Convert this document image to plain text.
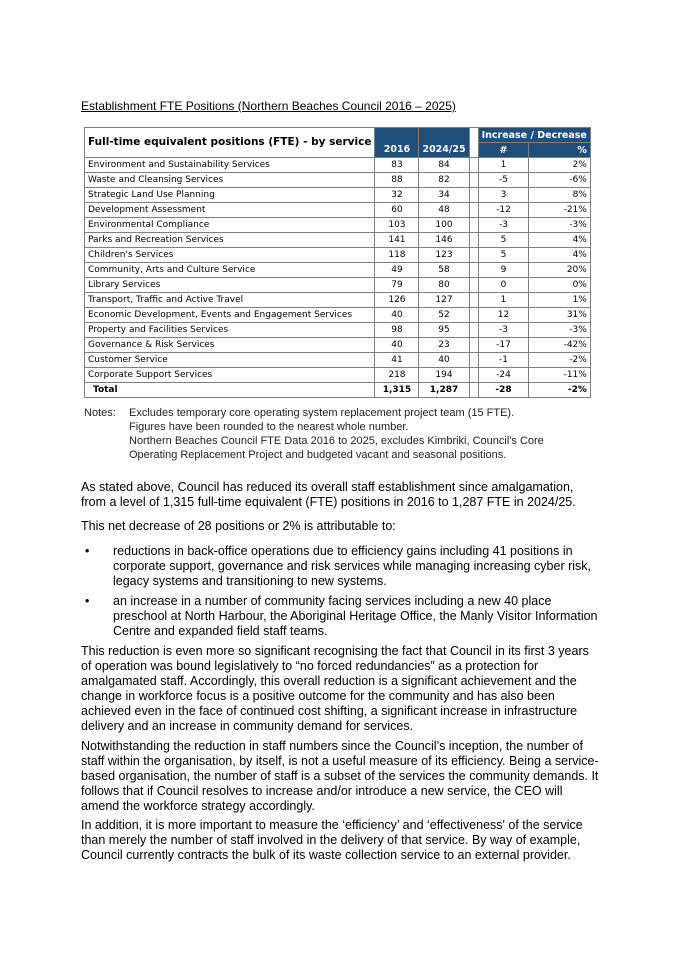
Establishment FTE Positions (Northern Beaches Council 2016 – 2025)
Full-time equivalent positions (FTE) - by service	2016	2024/25		Increase / Decrease	
				#	%
Environment and Sustainability Services	83	84		1	2%
Waste and Cleansing Services	88	82		-5	-6%
Strategic Land Use Planning	32	34		3	8%
Development Assessment	60	48		-12	-21%
Environmental Compliance	103	100		-3	-3%
Parks and Recreation Services	141	146		5	4%
Children's Services	118	123		5	4%
Community, Arts and Culture Service	49	58		9	20%
Library Services	79	80		0	0%
Transport, Traffic and Active Travel	126	127		1	1%
Economic Development, Events and Engagement Services	40	52		12	31%
Property and Facilities Services	98	95		-3	-3%
Governance & Risk Services	40	23		-17	-42%
Customer Service	41	40		-1	-2%
Corporate Support Services	218	194		-24	-11%
Total	1,315	1,287		-28	-2%
Notes: Excludes temporary core operating system replacement project team (15 FTE).
Figures have been rounded to the nearest whole number.
Northern Beaches Council FTE Data 2016 to 2025, excludes Kimbriki, Council's Core
Operating Replacement Project and budgeted vacant and seasonal positions.

As stated above, Council has reduced its overall staff establishment since amalgamation, from a level of 1,315 full-time equivalent (FTE) positions in 2016 to 1,287 FTE in 2024/25.

This net decrease of 28 positions or 2% is attributable to:

• reductions in back-office operations due to efficiency gains including 41 positions in corporate support, governance and risk services while managing increasing cyber risk, legacy systems and transitioning to new systems.

• an increase in a number of community facing services including a new 40 place preschool at North Harbour, the Aboriginal Heritage Office, the Manly Visitor Information Centre and expanded field staff teams.

This reduction is even more so significant recognising the fact that Council in its first 3 years of operation was bound legislatively to “no forced redundancies” as a protection for amalgamated staff. Accordingly, this overall reduction is a significant achievement and the change in workforce focus is a positive outcome for the community and has also been achieved even in the face of continued cost shifting, a significant increase in infrastructure delivery and an increase in community demand for services.

Notwithstanding the reduction in staff numbers since the Council’s inception, the number of staff within the organisation, by itself, is not a useful measure of its efficiency. Being a service-based organisation, the number of staff is a subset of the services the community demands. It follows that if Council resolves to increase and/or introduce a new service, the CEO will amend the workforce strategy accordingly.

In addition, it is more important to measure the ‘efficiency’ and ‘effectiveness' of the service than merely the number of staff involved in the delivery of that service. By way of example, Council currently contracts the bulk of its waste collection service to an external provider.
